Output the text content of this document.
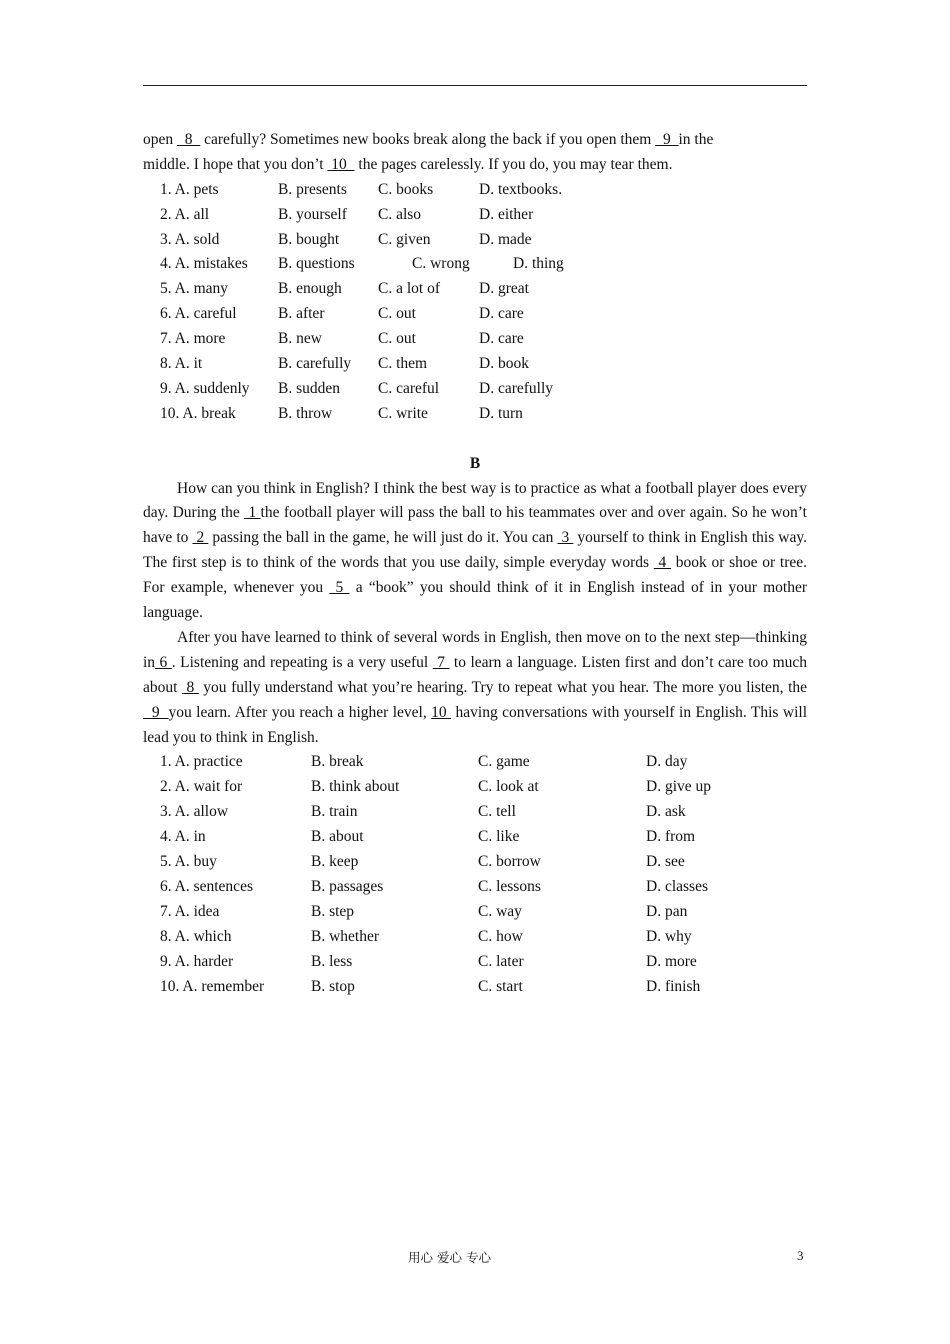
open   8   carefully? Sometimes new books break along the back if you open them   9  in the
middle. I hope that you don’t  10   the pages carelessly. If you do, you may tear them.

1. A. pets	B. presents	C. books	D. textbooks.
2. A. all	B. yourself	C. also	D. either
3. A. sold	B. bought	C. given	D. made
4. A. mistakes	B. questions	C. wrong	D. thing
5. A. many	B. enough	C. a lot of	D. great
6. A. careful	B. after	C. out	D. care
7. A. more	B. new	C. out	D. care
8. A. it	B. carefully	C. them	D. book
9. A. suddenly	B. sudden	C. careful	D. carefully
10. A. break	B. throw	C. write	D. turn
B

How can you think in English? I think the best way is to practice as what a football player does every day. During the  1 the football player will pass the ball to his teammates over and over again. So he won’t have to  2  passing the ball in the game, he will just do it. You can  3  yourself to think in English this way. The first step is to think of the words that you use daily, simple everyday words  4  book or shoe or tree. For example, whenever you  5  a “book” you should think of it in English instead of in your mother language.

After you have learned to think of several words in English, then move on to the next step—thinking in 6 . Listening and repeating is a very useful  7  to learn a language. Listen first and don’t care too much about  8  you fully understand what you’re hearing. Try to repeat what you hear. The more you listen, the   9  you learn. After you reach a higher level, 10  having conversations with yourself in English. This will lead you to think in English.

1. A. practice	B. break	C. game	D. day
2. A. wait for	B. think about	C. look at	D. give up
3. A. allow	B. train	C. tell	D. ask
4. A. in	B. about	C. like	D. from
5. A. buy	B. keep	C. borrow	D. see
6. A. sentences	B. passages	C. lessons	D. classes
7. A. idea	B. step	C. way	D. pan
8. A. which	B. whether	C. how	D. why
9. A. harder	B. less	C. later	D. more
10. A. remember	B. stop	C. start	D. finish
用心 爱心 专心	3
